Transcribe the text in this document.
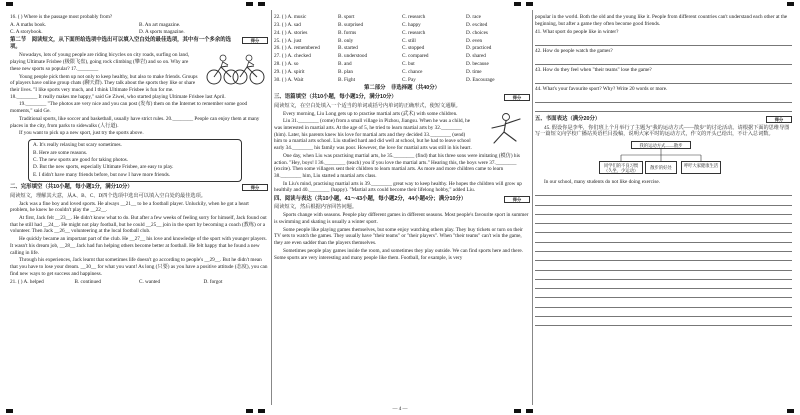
16. ( ) Where is the passage most probably from?

A. A maths book.	B. An art magazine.
C. A storybook.	D. A sports magazine.
得分
第二节　阅读短文，从下面所给选项中选出可以填入空白处的最佳选项，其中有一个多余的选项。

Nowadays, lots of young people are riding bicycles on city roads, surfing on land, playing Ultimate Frisbee (极限飞盘), going rock climbing (攀岩) and so on. Why are these new sports so popular? 17.________

Young people pick them up not only to keep healthy, but also to make friends. Groups of players have online group chats (聊天群). They talk about the sports they like or share their lives. "I like sports very much, and I think Ultimate Frisbee is fun for me. 18.________ It really makes me happy," said Ge Ziwei, who started playing Ultimate Frisbee last April.

19.________ "The photos are very nice and you can post (发布) them on the Internet to remember some good moments," said Ge.

Traditional sports, like soccer and basketball, usually have strict rules. 20.________ People can enjoy them at many places in the city, from parks to sidewalks (人行道).

If you want to pick up a new sport, just try the sports above.

A. It's really relaxing but scary sometimes.

B. Here are some reasons.

C. The new sports are good for taking photos.

D. But the new sports, especially Ultimate Frisbee, are easy to play.

E. I didn't have many friends before, but now I have more friends.

得分
二、完形填空（共10小题，每小题1分，满分10分）

阅读短文，理解其大意，从A、B、C、D四个选项中选出可以填入空白处的最佳选项。

Jack was a fine boy and loved sports. He always __21__ to be a football player. Unluckily, when he got a heart problem, he knew he couldn't play the __22__.

At first, Jack felt __23__. He didn't know what to do. But after a few weeks of feeling sorry for himself, Jack found out that he still had __24__. He might not play football, but he could __25__ join in the sport by becoming a coach (教练) or a volunteer. Then Jack __26__ volunteering at the local football club.

He quickly became an important part of the club. He __27__ his love and knowledge of the sport with younger players. It wasn't his dream job, __28__ Jack had fun helping others become better at football. He felt happy that he found a new calling in life.

Through his experiences, Jack learnt that sometimes life doesn't go according to people's __29__. But he didn't mean that you have to lose your dream. __30__ for what you want! As long (只要) as you have a positive attitude (态度), you can find new ways to get success and happiness.

21. ( ) A. helped	B. continued	C. wanted	D. forgot
22. ( ) A. music	B. sport	C. research	D. race
23. ( ) A. sad	B. surprised	C. happy	D. excited
24. ( ) A. stories	B. forms	C. research	D. choices
25. ( ) A. just	B. only	C. still	D. even
26. ( ) A. remembered	B. started	C. stopped	D. practiced
27. ( ) A. checked	B. understood	C. compared	D. shared
28. ( ) A. so	B. and	C. but	D. because
29. ( ) A. spirit	B. plan	C. chance	D. time
30. ( ) A. Wait	B. Fight	C. Pay	D. Encourage
第二部分　非选择题（共40分）
得分
三、语篇填空（共10小题，每小题1分，满分10分）

阅读短文，在空白处填入一个适当的单词或括号内单词的正确形式，使短文通顺。

Every morning, Liu Long gets up to practise martial arts (武术) with some children.

Liu 31.________ (come) from a small village in Pizhou, Jiangsu. When he was a child, he was interested in martial arts. At the age of 5, he tried to learn martial arts by 32.________ (him). Later, his parents knew his love for martial arts and they decided 33.________ (send) him to a martial arts school. Liu studied hard and did well at school, but he had to leave school early 34.________ his family was poor. However, the love for martial arts was still in his heart.

One day, when Liu was practising martial arts, he 35.________ (find) that his three sons were imitating (模仿) his action. "Hey, boys! I 36.________ (teach) you if you love the martial arts." Hearing this, the boys were 37.________ (excite). Then some villagers sent their children to learn martial arts. As more and more children came to learn 38.________ him, Liu started a martial arts class.

In Liu's mind, practising martial arts is 39.________ great way to keep healthy. He hopes the children will grow up healthily and 40.________ (happy). "Martial arts could become their lifelong hobby," added Liu.

得分
四、阅读与表达（共10小题，41～43小题，每小题2分，44小题4分；满分10分）

阅读短文，然后根据内容回答问题。

Sports change with seasons. People play different games in different seasons. Most people's favourite sport in summer is swimming and skating is usually a winter sport.

Some people like playing games themselves, but some enjoy watching others play. They buy tickets or turn on their TV sets to watch the games. They usually have "their teams" or "their players". When "their teams" can't win the game, they are even sadder than the players themselves.

Sometimes people play games inside the room, and sometimes they play outside. We can find sports here and there. Some sports are very interesting and many people like them. Football, for example, is very

popular in the world. Both the old and the young like it. People from different countries can't understand each other at the beginning, but after a game they often become good friends.

41. What sport do people like in winter?

42. How do people watch the games?

43. How do they feel when "their teams" lose the game?

44. What's your favourite sport? Why? Write 20 words or more.

得分
五、书面表达（满分20分）

45. 假设你是李华，你们班上个月举行了主题为"我的运动方式——散步"的讨论活动。请根据下面的思维导图写一篇短文向学校广播站英语栏目投稿，说明大家平时的运动方式，作文的开头已给出，不计入总词数。

我的运动方式——散步
同学们的不良习惯（久坐、少运动）
散步的好处	呼吁大家健康生活

In our school, many students do not like doing exercise.

— 4 —
